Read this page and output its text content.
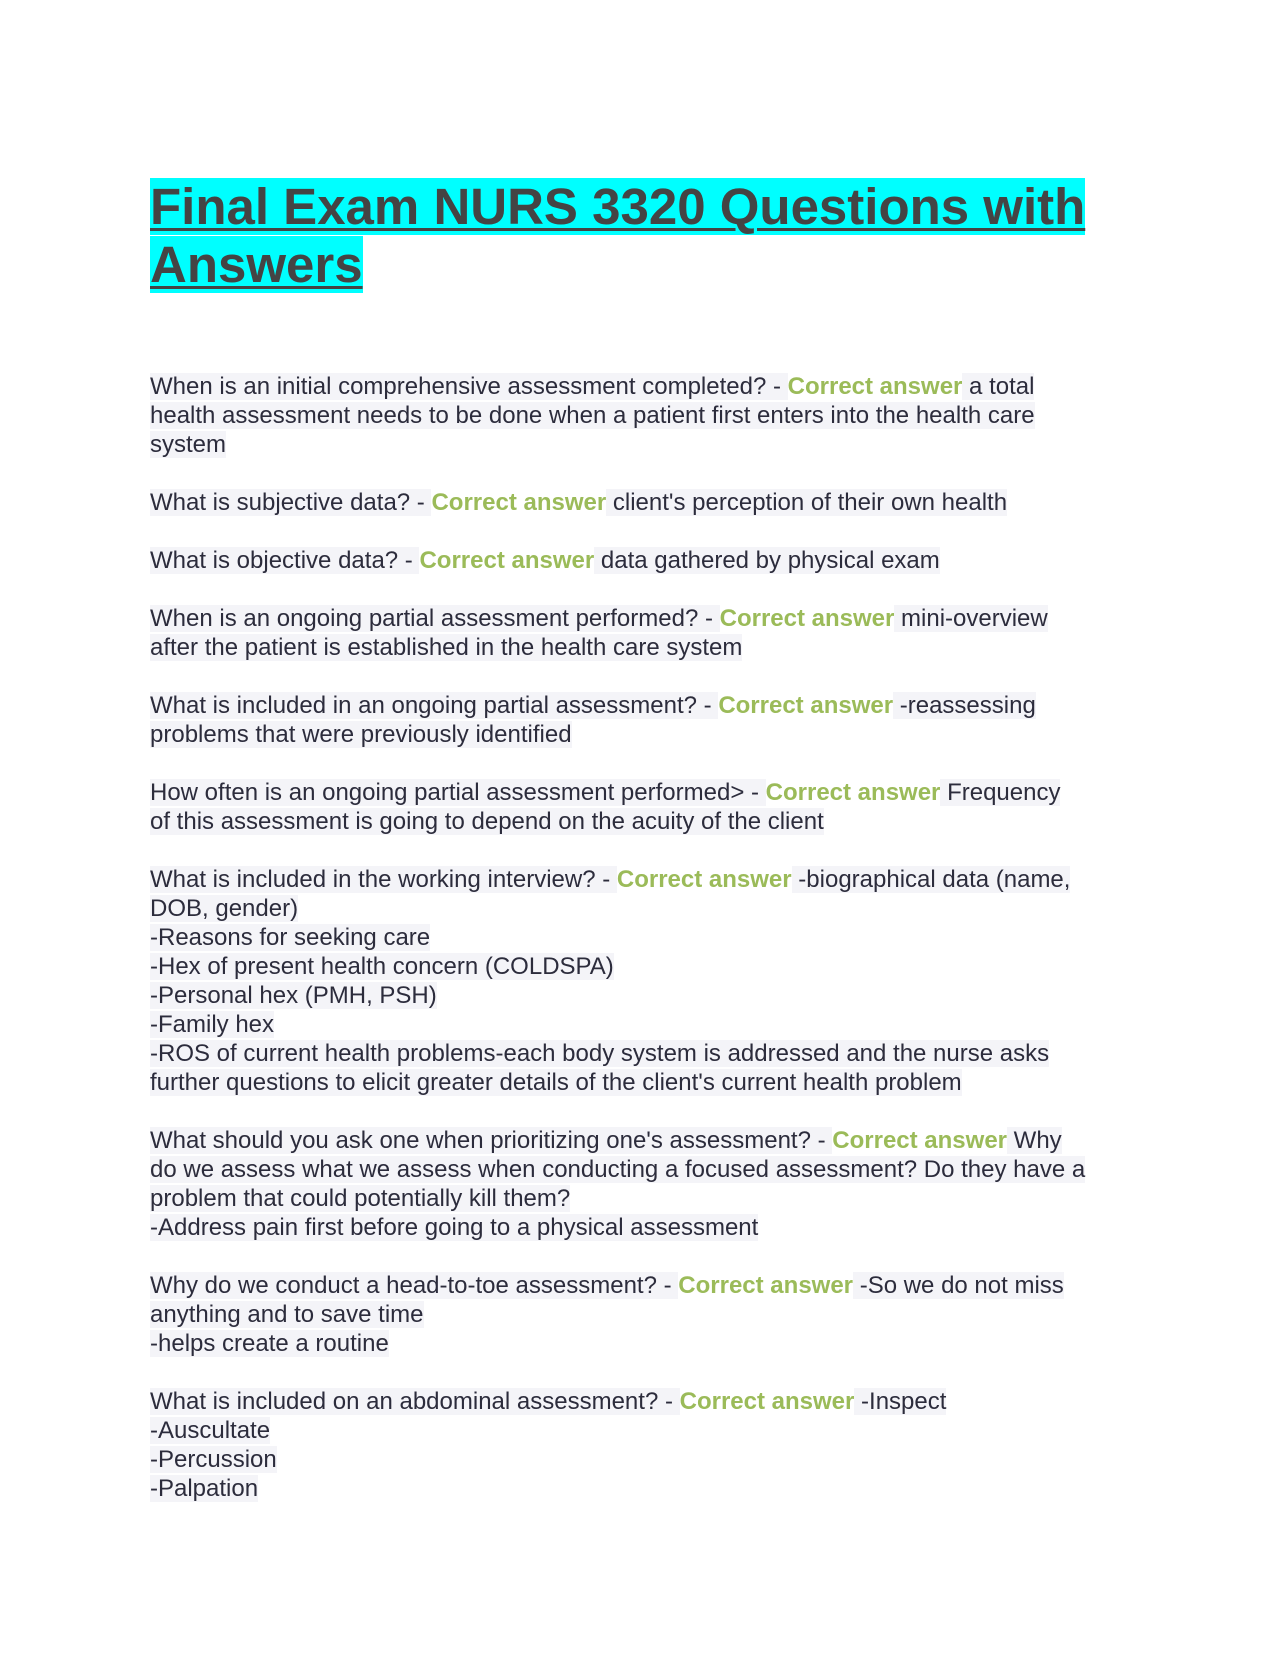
Final Exam NURS 3320 Questions with Answers
When is an initial comprehensive assessment completed? - Correct answer a total
health assessment needs to be done when a patient first enters into the health care
system
What is subjective data? - Correct answer client's perception of their own health
What is objective data? - Correct answer data gathered by physical exam
When is an ongoing partial assessment performed? - Correct answer mini-overview
after the patient is established in the health care system
What is included in an ongoing partial assessment? - Correct answer -reassessing
problems that were previously identified
How often is an ongoing partial assessment performed> - Correct answer Frequency
of this assessment is going to depend on the acuity of the client
What is included in the working interview? - Correct answer -biographical data (name,
DOB, gender)
-Reasons for seeking care
-Hex of present health concern (COLDSPA)
-Personal hex (PMH, PSH)
-Family hex
-ROS of current health problems-each body system is addressed and the nurse asks
further questions to elicit greater details of the client's current health problem
What should you ask one when prioritizing one's assessment? - Correct answer Why
do we assess what we assess when conducting a focused assessment? Do they have a
problem that could potentially kill them?
-Address pain first before going to a physical assessment
Why do we conduct a head-to-toe assessment? - Correct answer -So we do not miss
anything and to save time
-helps create a routine
What is included on an abdominal assessment? - Correct answer -Inspect
-Auscultate
-Percussion
-Palpation
